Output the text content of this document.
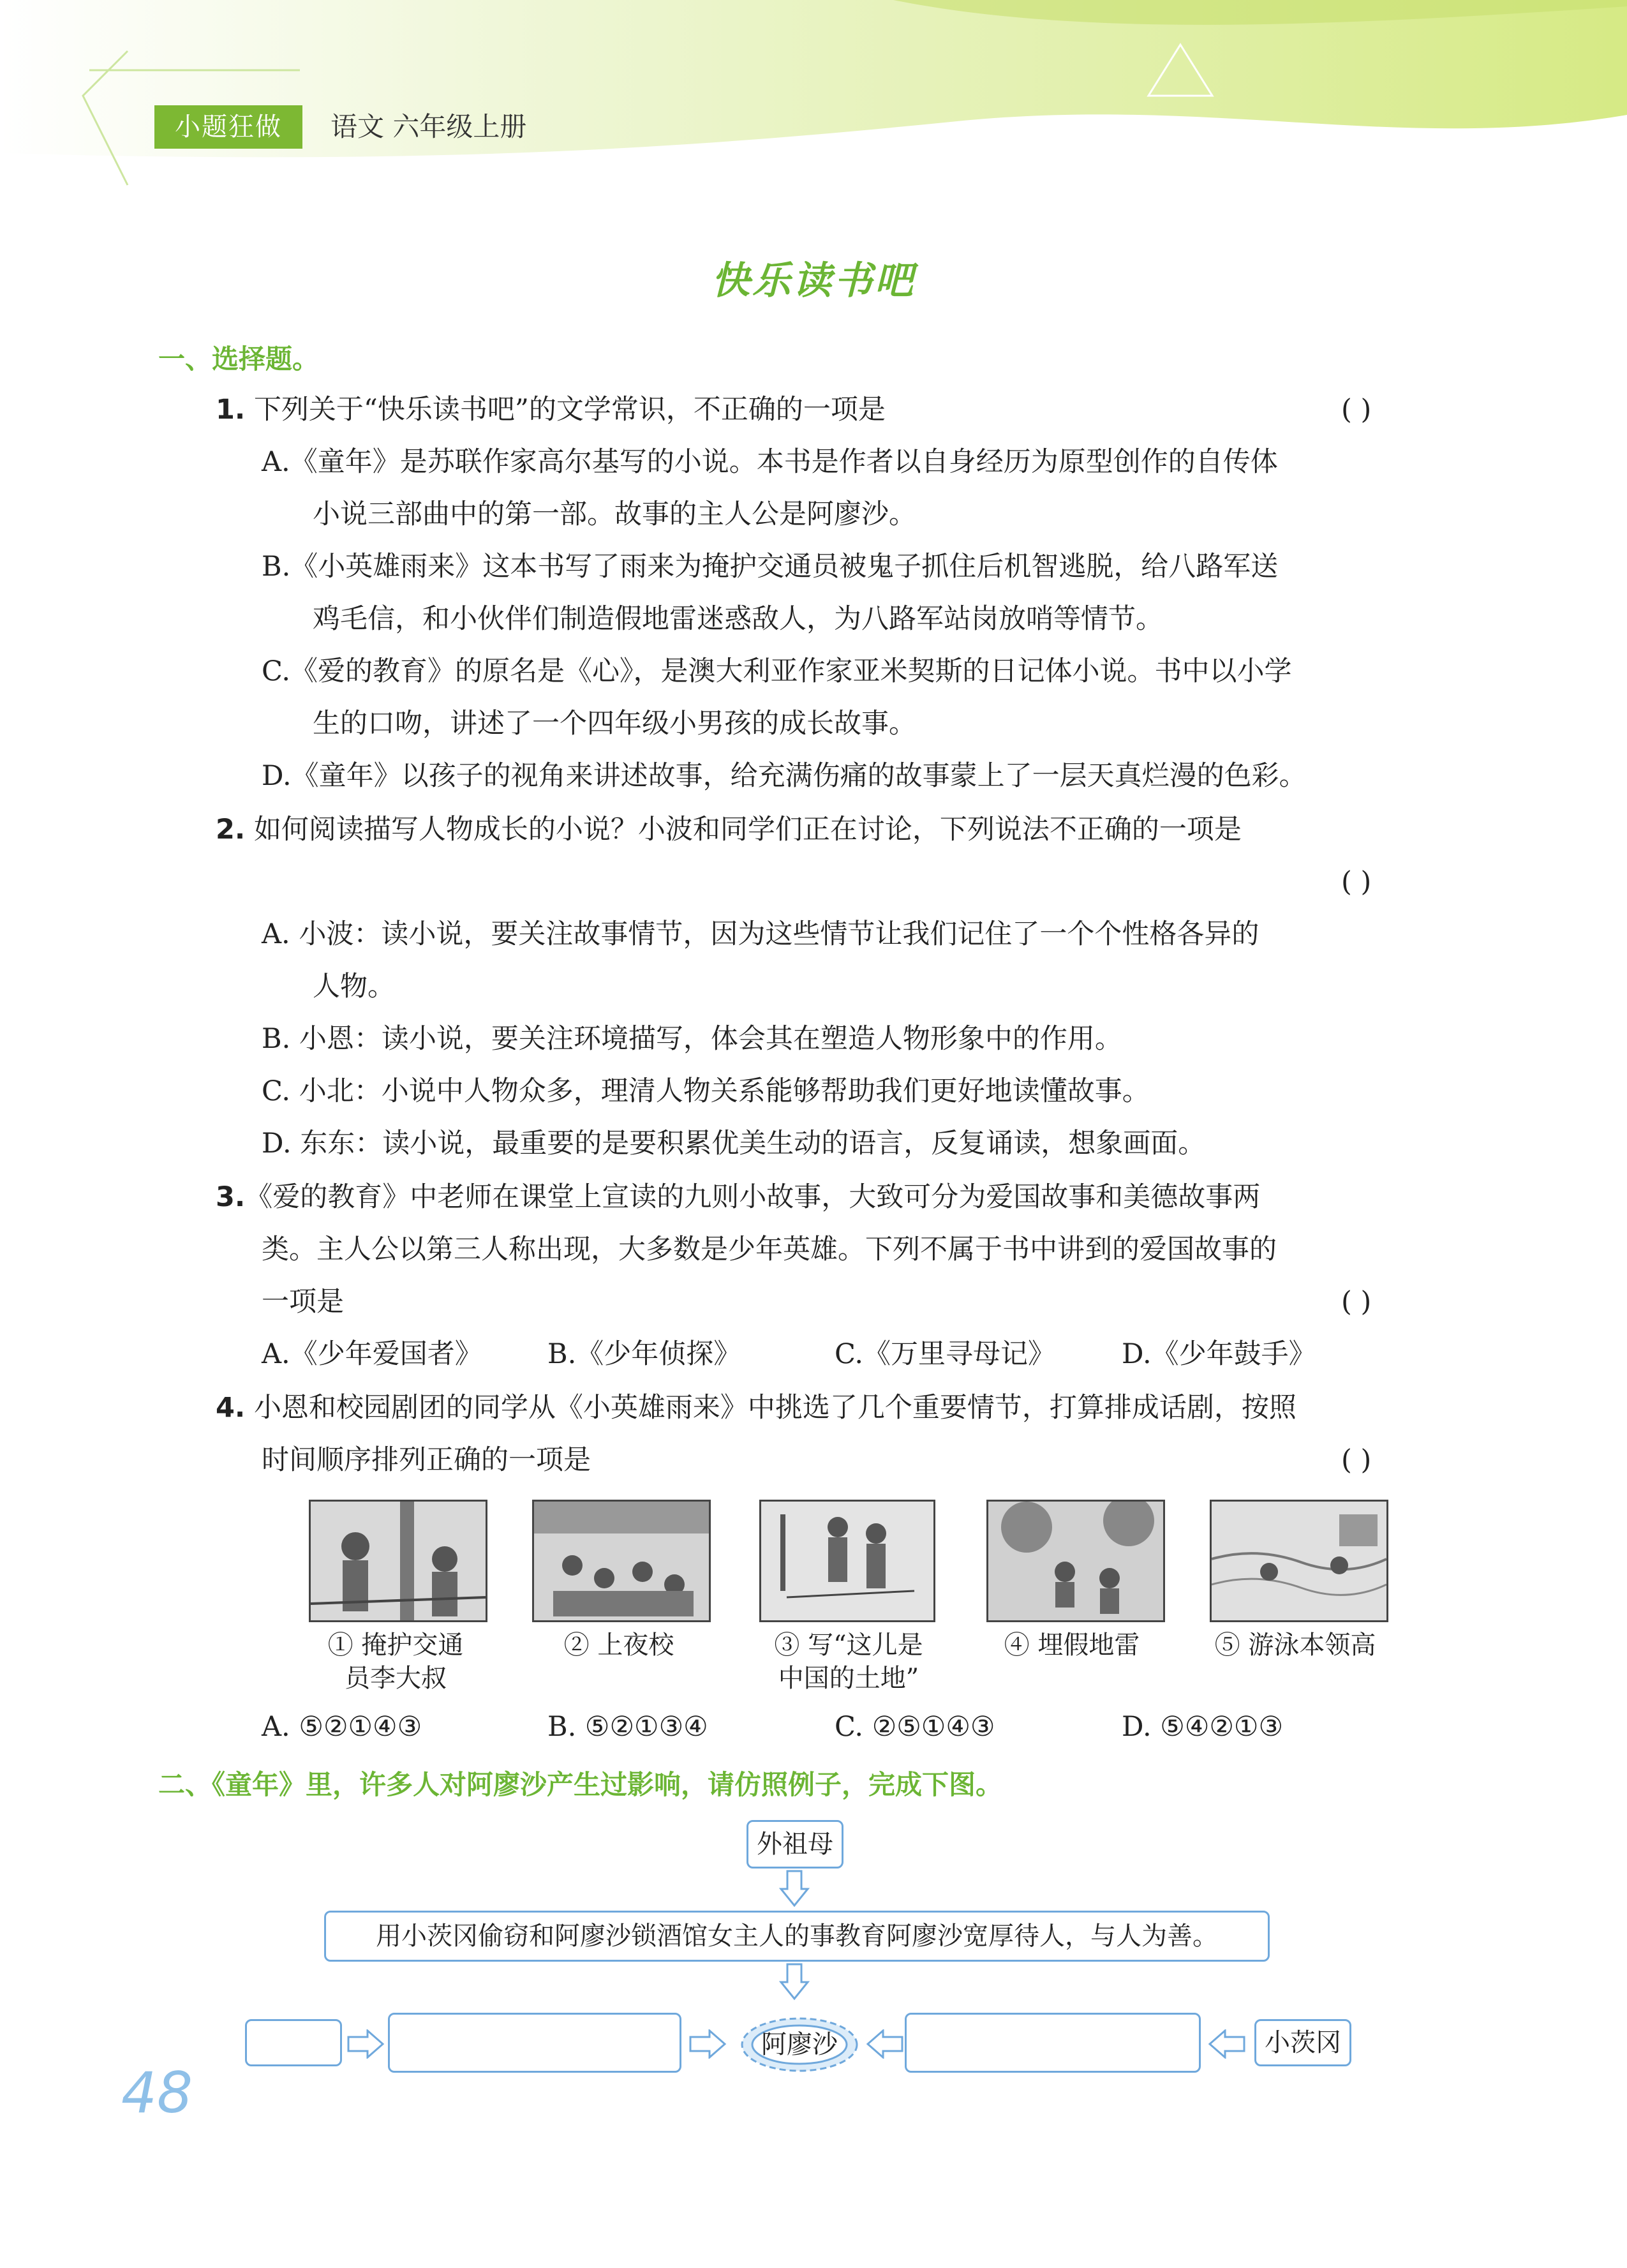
小题狂做	语文 六年级上册
快乐读书吧
一、选择题。
1. 下列关于“快乐读书吧”的文学常识，不正确的一项是	( )
A.《童年》是苏联作家高尔基写的小说。本书是作者以自身经历为原型创作的自传体
小说三部曲中的第一部。故事的主人公是阿廖沙。
B.《小英雄雨来》这本书写了雨来为掩护交通员被鬼子抓住后机智逃脱，给八路军送
鸡毛信，和小伙伴们制造假地雷迷惑敌人，为八路军站岗放哨等情节。
C.《爱的教育》的原名是《心》，是澳大利亚作家亚米契斯的日记体小说。书中以小学
生的口吻，讲述了一个四年级小男孩的成长故事。
D.《童年》以孩子的视角来讲述故事，给充满伤痛的故事蒙上了一层天真烂漫的色彩。
2. 如何阅读描写人物成长的小说？小波和同学们正在讨论，下列说法不正确的一项是
( )
A. 小波：读小说，要关注故事情节，因为这些情节让我们记住了一个个性格各异的
人物。
B. 小恩：读小说，要关注环境描写，体会其在塑造人物形象中的作用。
C. 小北：小说中人物众多，理清人物关系能够帮助我们更好地读懂故事。
D. 东东：读小说，最重要的是要积累优美生动的语言，反复诵读，想象画面。
3.《爱的教育》中老师在课堂上宣读的九则小故事，大致可分为爱国故事和美德故事两
类。主人公以第三人称出现，大多数是少年英雄。下列不属于书中讲到的爱国故事的
一项是	( )
A.《少年爱国者》 B.《少年侦探》	C.《万里寻母记》 D.《少年鼓手》
4. 小恩和校园剧团的同学从《小英雄雨来》中挑选了几个重要情节，打算排成话剧，按照
时间顺序排列正确的一项是	( )
① 掩护交通
员李大叔
② 上夜校	③ 写“这儿是
中国的土地”
④ 埋假地雷	⑤ 游泳本领高
A. ⑤②①④③	B. ⑤②①③④	C. ②⑤①④③	D. ⑤④②①③
二、《童年》里，许多人对阿廖沙产生过影响，请仿照例子，完成下图。
外祖母
用小茨冈偷窃和阿廖沙锁酒馆女主人的事教育阿廖沙宽厚待人，与人为善。
阿廖沙	小茨冈
48
